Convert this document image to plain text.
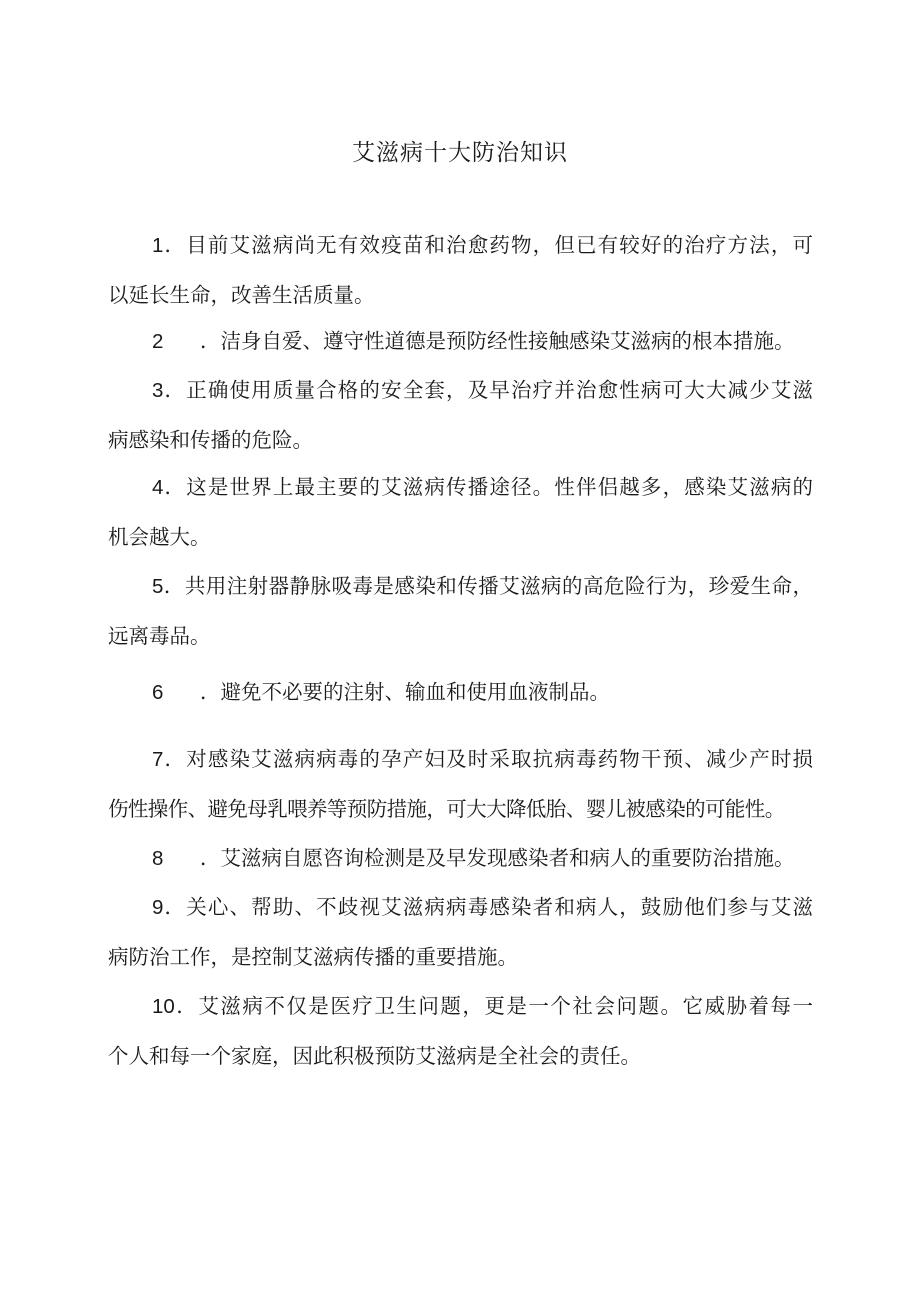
艾滋病十大防治知识
1．目前艾滋病尚无有效疫苗和治愈药物，但已有较好的治疗方法，可
以延长生命，改善生活质量。
2 ．洁身自爱、遵守性道德是预防经性接触感染艾滋病的根本措施。
3．正确使用质量合格的安全套，及早治疗并治愈性病可大大减少艾滋
病感染和传播的危险。
4．这是世界上最主要的艾滋病传播途径。性伴侣越多，感染艾滋病的
机会越大。
5．共用注射器静脉吸毒是感染和传播艾滋病的高危险行为，珍爱生命，
远离毒品。
6 ．避免不必要的注射、输血和使用血液制品。
7．对感染艾滋病病毒的孕产妇及时采取抗病毒药物干预、减少产时损
伤性操作、避免母乳喂养等预防措施，可大大降低胎、婴儿被感染的可能性。
8 ．艾滋病自愿咨询检测是及早发现感染者和病人的重要防治措施。
9．关心、帮助、不歧视艾滋病病毒感染者和病人，鼓励他们参与艾滋
病防治工作，是控制艾滋病传播的重要措施。
10．艾滋病不仅是医疗卫生问题，更是一个社会问题。它威胁着每一
个人和每一个家庭，因此积极预防艾滋病是全社会的责任。
